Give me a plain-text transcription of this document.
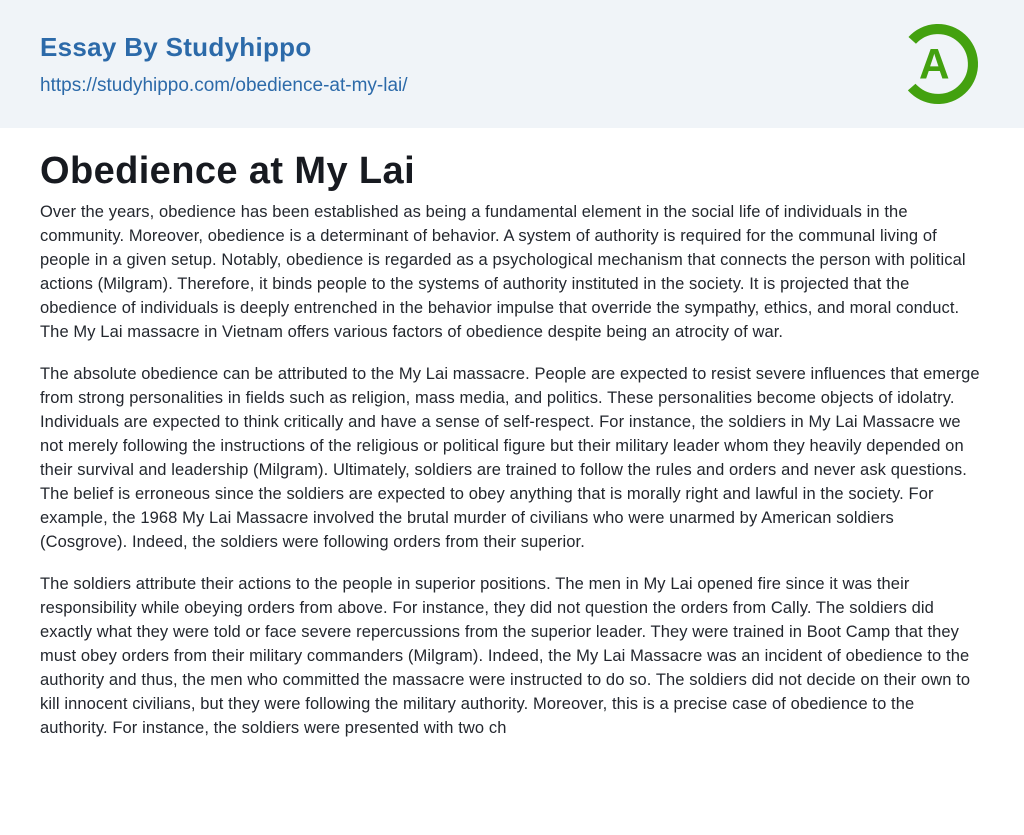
Essay By Studyhippo
https://studyhippo.com/obedience-at-my-lai/	A
Obedience at My Lai

Over the years, obedience has been established as being a fundamental element in the social life of individuals in the community. Moreover, obedience is a determinant of behavior. A system of authority is required for the communal living of people in a given setup. Notably, obedience is regarded as a psychological mechanism that connects the person with political actions (Milgram). Therefore, it binds people to the systems of authority instituted in the society. It is projected that the obedience of individuals is deeply entrenched in the behavior impulse that override the sympathy, ethics, and moral conduct. The My Lai massacre in Vietnam offers various factors of obedience despite being an atrocity of war.

The absolute obedience can be attributed to the My Lai massacre. People are expected to resist severe influences that emerge from strong personalities in fields such as religion, mass media, and politics. These personalities become objects of idolatry. Individuals are expected to think critically and have a sense of self-respect. For instance, the soldiers in My Lai Massacre we not merely following the instructions of the religious or political figure but their military leader whom they heavily depended on their survival and leadership (Milgram). Ultimately, soldiers are trained to follow the rules and orders and never ask questions. The belief is erroneous since the soldiers are expected to obey anything that is morally right and lawful in the society. For example, the 1968 My Lai Massacre involved the brutal murder of civilians who were unarmed by American soldiers (Cosgrove). Indeed, the soldiers were following orders from their superior.

The soldiers attribute their actions to the people in superior positions. The men in My Lai opened fire since it was their responsibility while obeying orders from above. For instance, they did not question the orders from Cally. The soldiers did exactly what they were told or face severe repercussions from the superior leader. They were trained in Boot Camp that they must obey orders from their military commanders (Milgram). Indeed, the My Lai Massacre was an incident of obedience to the authority and thus, the men who committed the massacre were instructed to do so. The soldiers did not decide on their own to kill innocent civilians, but they were following the military authority. Moreover, this is a precise case of obedience to the authority. For instance, the soldiers were presented with two ch
